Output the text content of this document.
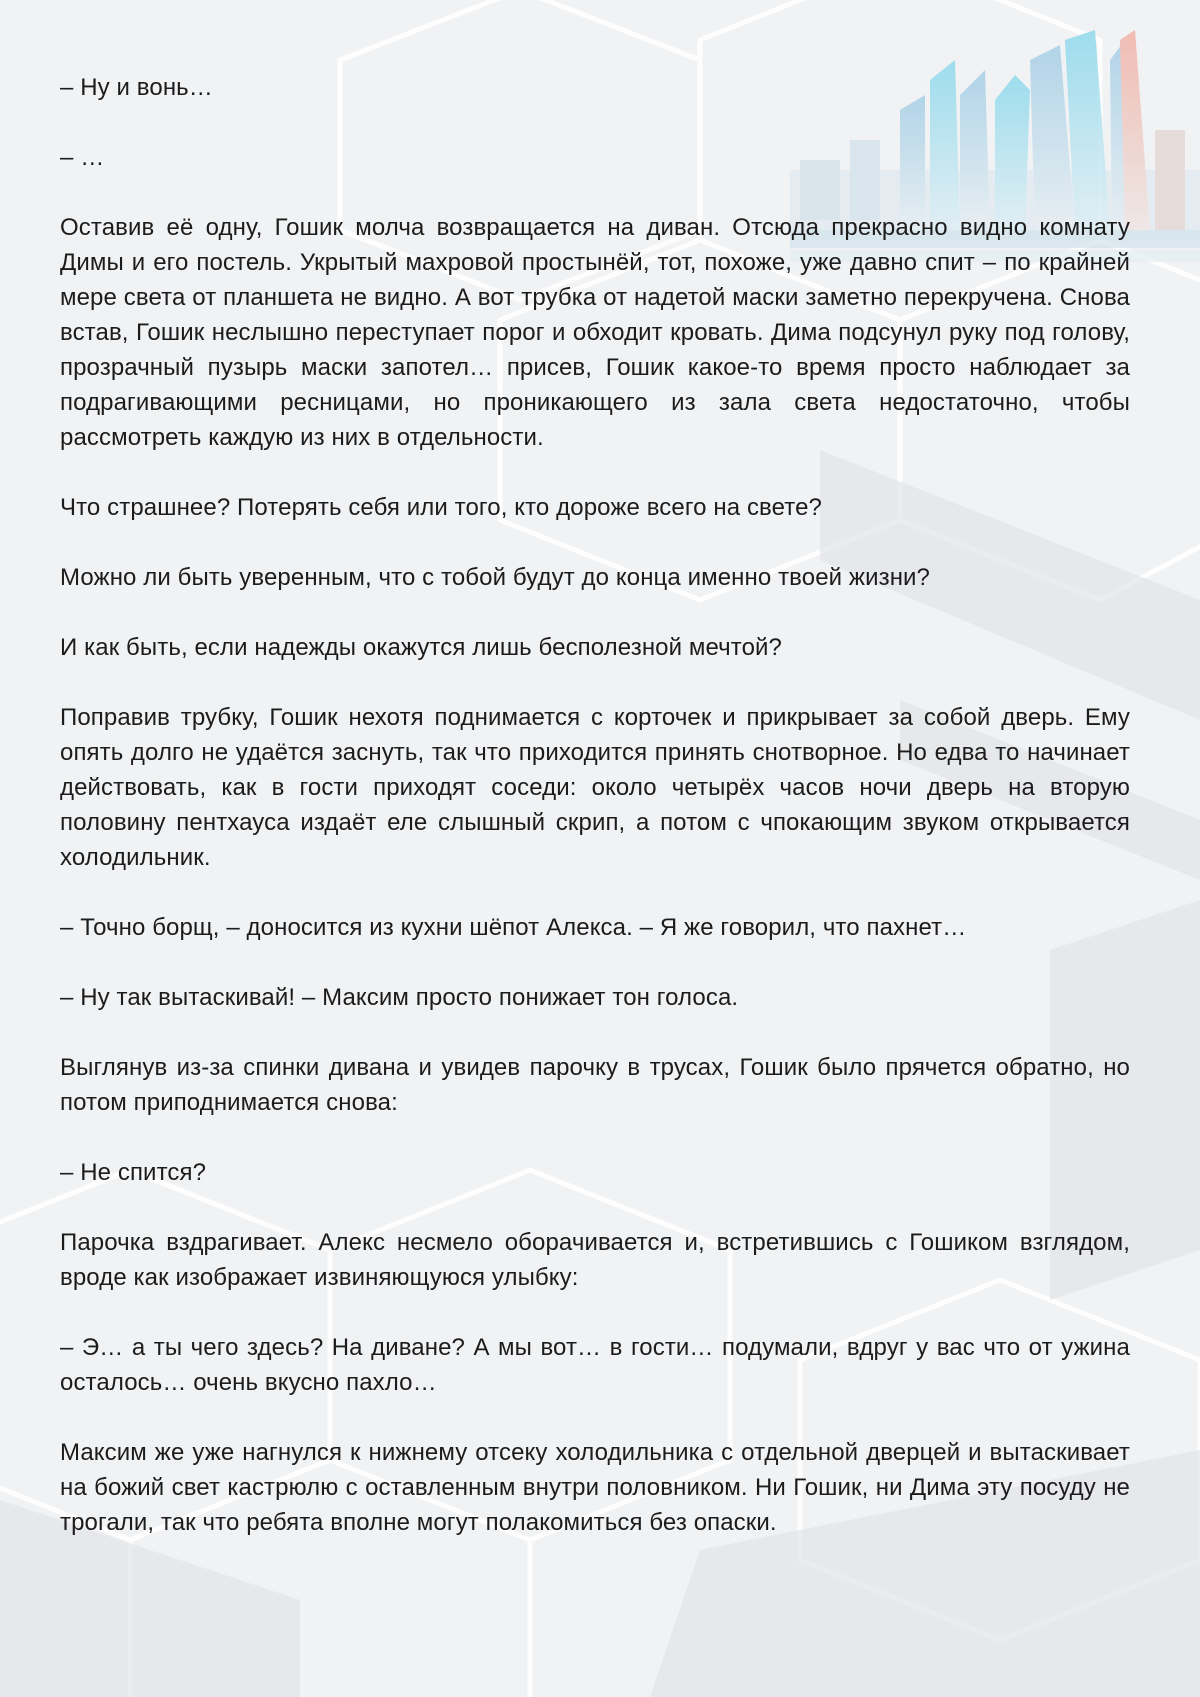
– Ну и вонь…

– …

Оставив её одну, Гошик молча возвращается на диван. Отсюда прекрасно видно комнату Димы и его постель. Укрытый махровой простынёй, тот, похоже, уже давно спит – по крайней мере света от планшета не видно. А вот трубка от надетой маски заметно перекручена. Снова встав, Гошик неслышно переступает порог и обходит кровать. Дима подсунул руку под голову, прозрачный пузырь маски запотел… присев, Гошик какое-то время просто наблюдает за подрагивающими ресницами, но проникающего из зала света недостаточно, чтобы рассмотреть каждую из них в отдельности.

Что страшнее? Потерять себя или того, кто дороже всего на свете?

Можно ли быть уверенным, что с тобой будут до конца именно твоей жизни?

И как быть, если надежды окажутся лишь бесполезной мечтой?

Поправив трубку, Гошик нехотя поднимается с корточек и прикрывает за собой дверь. Ему опять долго не удаётся заснуть, так что приходится принять снотворное. Но едва то начинает действовать, как в гости приходят соседи: около четырёх часов ночи дверь на вторую половину пентхауса издаёт еле слышный скрип, а потом с чпокающим звуком открывается холодильник.

– Точно борщ, – доносится из кухни шёпот Алекса. – Я же говорил, что пахнет…

– Ну так вытаскивай! – Максим просто понижает тон голоса.

Выглянув из-за спинки дивана и увидев парочку в трусах, Гошик было прячется обратно, но потом приподнимается снова:

– Не спится?

Парочка вздрагивает. Алекс несмело оборачивается и, встретившись с Гошиком взглядом, вроде как изображает извиняющуюся улыбку:

– Э… а ты чего здесь? На диване? А мы вот… в гости… подумали, вдруг у вас что от ужина осталось… очень вкусно пахло…

Максим же уже нагнулся к нижнему отсеку холодильника с отдельной дверцей и вытаскивает на божий свет кастрюлю с оставленным внутри половником. Ни Гошик, ни Дима эту посуду не трогали, так что ребята вполне могут полакомиться без опаски.
